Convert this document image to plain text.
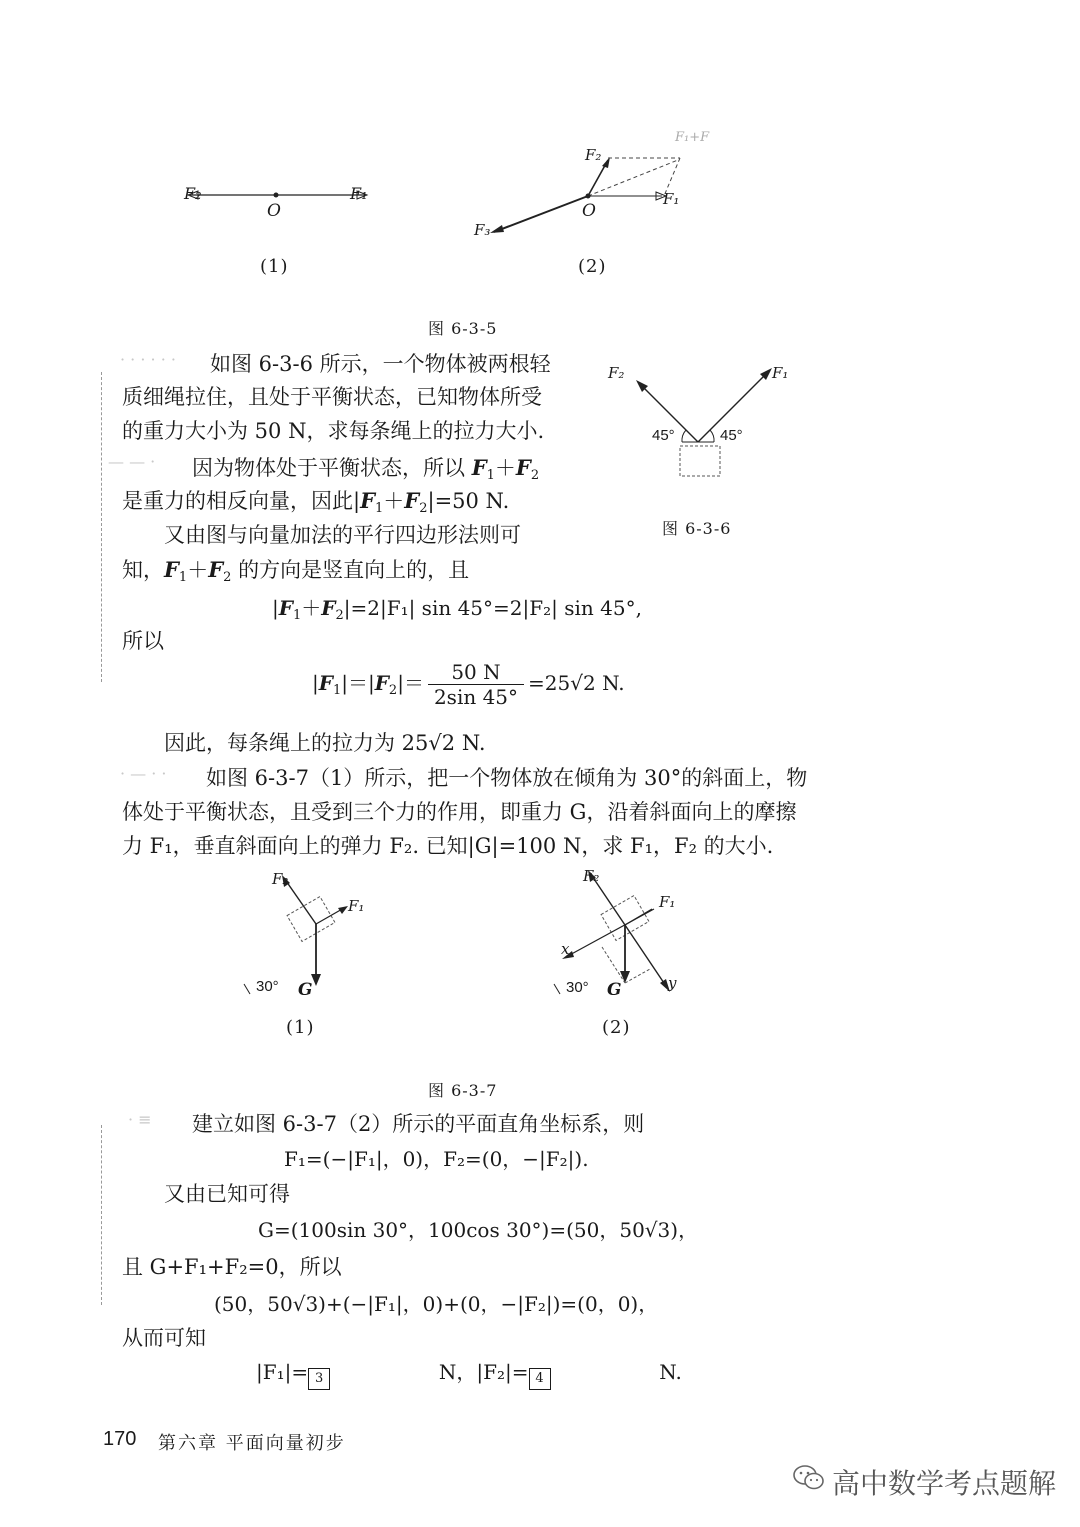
F₂
O
F₁
(1)
F₂
F₁+F
O
F₁
F₃
(2)
图 6-3-5
· · · · · ·
— — ·
如图 6-3-6 所示，一个物体被两根轻
质细绳拉住，且处于平衡状态，已知物体所受
的重力大小为 50 N，求每条绳上的拉力大小.
因为物体处于平衡状态，所以 $F_1+F_2$
是重力的相反向量，因此$|F_1+F_2|=50$ N.
又由图与向量加法的平行四边形法则可
知，$F_1+F_2$ 的方向是竖直向上的，且
$|F_1+F_2|=2|F_1|$ sin 45°=2|F₂| sin 45°,
所以
$|F_1|=|F_2|= \frac{50 N}{2\sin 45^\circ} =25√2$ N.
因此，每条绳上的拉力为 25√2 N.
F₂	F₁
45°	45°
图 6-3-6
· — · · 如图 6-3-7（1）所示，把一个物体放在倾角为 30°的斜面上，物
体处于平衡状态，且受到三个力的作用，即重力 G，沿着斜面向上的摩擦
力 F₁，垂直斜面向上的弹力 F₂. 已知|G|=100 N，求 F₁，F₂ 的大小.
F₂
F₁
30° G
(1)
F₂
F₁
x
y
30° G
(2)
图 6-3-7
· ≡ 建立如图 6-3-7（2）所示的平面直角坐标系，则
F₁=(−|F₁|，0)，F₂=(0，−|F₂|).
又由已知可得
G=(100sin 30°，100cos 30°)=(50，50√3)，
且 G+F₁+F₂=0，所以
(50，50√3)+(−|F₁|，0)+(0，−|F₂|)=(0，0)，
从而可知
|F₁|= 3	N，|F₂|= 4	N.
170 第六章 平面向量初步
高中数学考点题解
